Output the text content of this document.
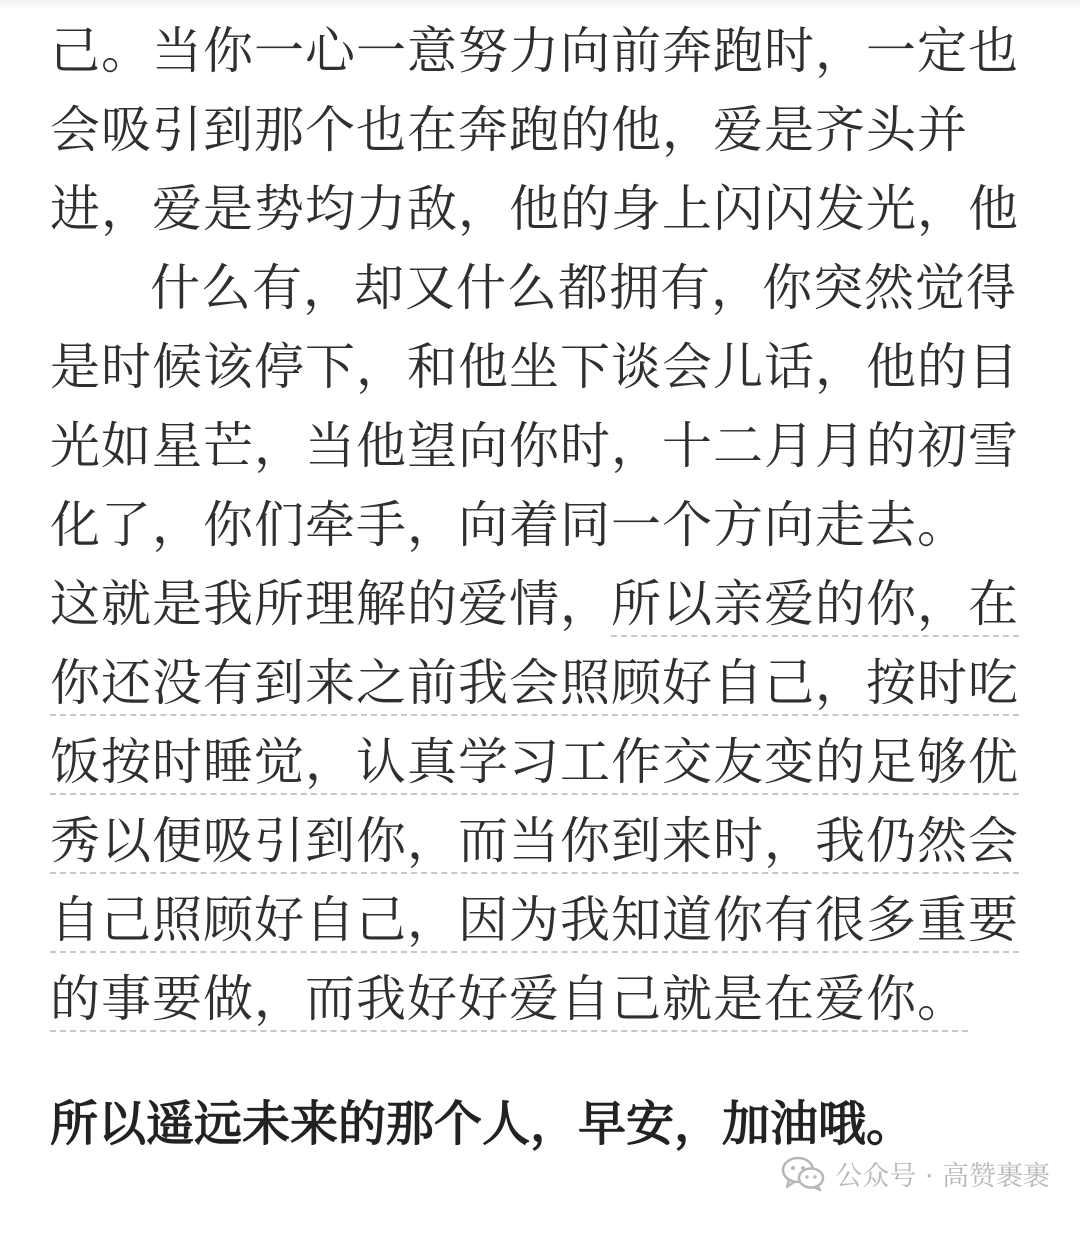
己。当你一心一意努力向前奔跑时，一定也
会吸引到那个也在奔跑的他，爱是齐头并
进，爱是势均力敌，他的身上闪闪发光，他
什么有，却又什么都拥有，你突然觉得
是时候该停下，和他坐下谈会儿话，他的目
光如星芒，当他望向你时，十二月月的初雪
化了，你们牵手，向着同一个方向走去。
这就是我所理解的爱情，所以亲爱的你，在
你还没有到来之前我会照顾好自己，按时吃
饭按时睡觉，认真学习工作交友变的足够优
秀以便吸引到你，而当你到来时，我仍然会
自己照顾好自己，因为我知道你有很多重要
的事要做，而我好好爱自己就是在爱你。
所以遥远未来的那个人，早安，加油哦。
公众号 · 高赞裹裹
